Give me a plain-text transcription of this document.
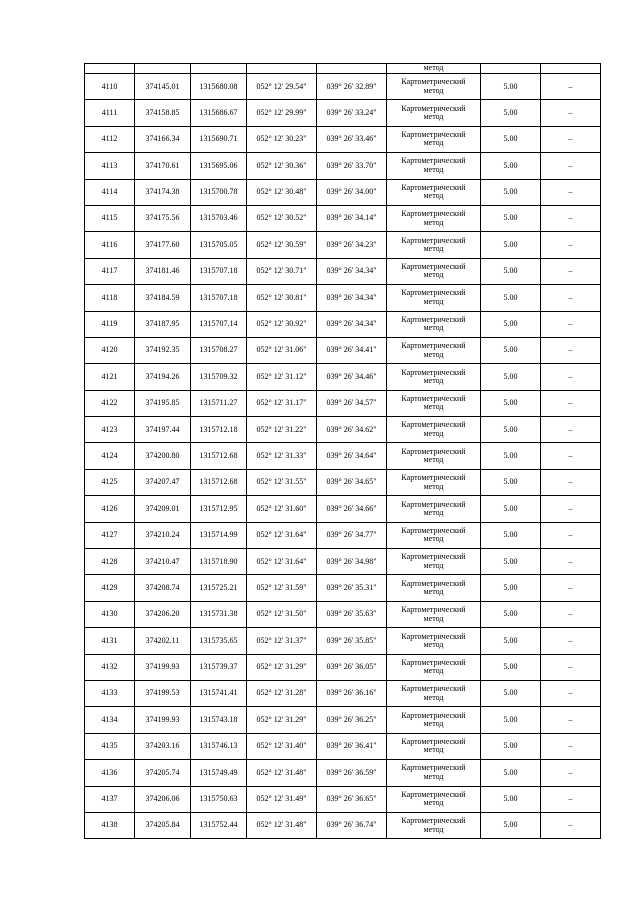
					метод		
4110	374145.01	1315680.08	052° 12' 29.54"	039° 26' 32.89"	Картометрический
метод	5.00	–
4111	374158.85	1315686.67	052° 12' 29.99"	039° 26' 33.24"	Картометрический
метод	5.00	–
4112	374166.34	1315690.71	052° 12' 30.23"	039° 26' 33.46"	Картометрический
метод	5.00	–
4113	374170.61	1315695.06	052° 12' 30.36"	039° 26' 33.70"	Картометрический
метод	5.00	–
4114	374174.38	1315700.78	052° 12' 30.48"	039° 26' 34.00"	Картометрический
метод	5.00	–
4115	374175.56	1315703.46	052° 12' 30.52"	039° 26' 34.14"	Картометрический
метод	5.00	–
4116	374177.60	1315705.05	052° 12' 30.59"	039° 26' 34.23"	Картометрический
метод	5.00	–
4117	374181.46	1315707.18	052° 12' 30.71"	039° 26' 34.34"	Картометрический
метод	5.00	–
4118	374184.59	1315707.18	052° 12' 30.81"	039° 26' 34.34"	Картометрический
метод	5.00	–
4119	374187.95	1315707.14	052° 12' 30.92"	039° 26' 34.34"	Картометрический
метод	5.00	–
4120	374192.35	1315708.27	052° 12' 31.06"	039° 26' 34.41"	Картометрический
метод	5.00	–
4121	374194.26	1315709.32	052° 12' 31.12"	039° 26' 34.46"	Картометрический
метод	5.00	–
4122	374195.85	1315711.27	052° 12' 31.17"	039° 26' 34.57"	Картометрический
метод	5.00	–
4123	374197.44	1315712.18	052° 12' 31.22"	039° 26' 34.62"	Картометрический
метод	5.00	–
4124	374200.80	1315712.68	052° 12' 31.33"	039° 26' 34.64"	Картометрический
метод	5.00	–
4125	374207.47	1315712.68	052° 12' 31.55"	039° 26' 34.65"	Картометрический
метод	5.00	–
4126	374209.01	1315712.95	052° 12' 31.60"	039° 26' 34.66"	Картометрический
метод	5.00	–
4127	374210.24	1315714.99	052° 12' 31.64"	039° 26' 34.77"	Картометрический
метод	5.00	–
4128	374210.47	1315718.90	052° 12' 31.64"	039° 26' 34.98"	Картометрический
метод	5.00	–
4129	374208.74	1315725.21	052° 12' 31.59"	039° 26' 35.31"	Картометрический
метод	5.00	–
4130	374206.20	1315731.38	052° 12' 31.50"	039° 26' 35.63"	Картометрический
метод	5.00	–
4131	374202.11	1315735.65	052° 12' 31.37"	039° 26' 35.85"	Картометрический
метод	5.00	–
4132	374199.93	1315739.37	052° 12' 31.29"	039° 26' 36.05"	Картометрический
метод	5.00	–
4133	374199.53	1315741.41	052° 12' 31.28"	039° 26' 36.16"	Картометрический
метод	5.00	–
4134	374199.93	1315743.18	052° 12' 31.29"	039° 26' 36.25"	Картометрический
метод	5.00	–
4135	374203.16	1315746.13	052° 12' 31.40"	039° 26' 36.41"	Картометрический
метод	5.00	–
4136	374205.74	1315749.49	052° 12' 31.48"	039° 26' 36.59"	Картометрический
метод	5.00	–
4137	374206.06	1315750.63	052° 12' 31.49"	039° 26' 36.65"	Картометрический
метод	5.00	–
4138	374205.84	1315752.44	052° 12' 31.48"	039° 26' 36.74"	Картометрический
метод	5.00	–
